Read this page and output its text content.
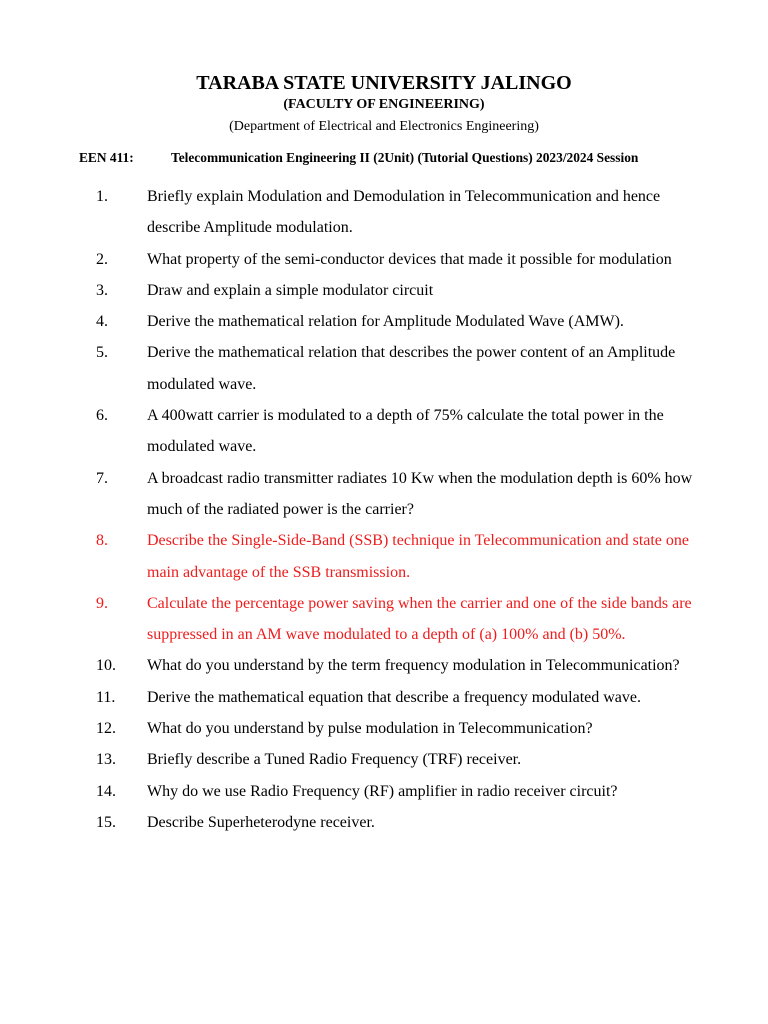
TARABA STATE UNIVERSITY JALINGO
(FACULTY OF ENGINEERING)
(Department of Electrical and Electronics Engineering)
EEN 411:	Telecommunication Engineering II (2Unit) (Tutorial Questions) 2023/2024 Session
1. Briefly explain Modulation and Demodulation in Telecommunication and hence describe Amplitude modulation.
2. What property of the semi-conductor devices that made it possible for modulation
3. Draw and explain a simple modulator circuit
4. Derive the mathematical relation for Amplitude Modulated Wave (AMW).
5. Derive the mathematical relation that describes the power content of an Amplitude modulated wave.
6. A 400watt carrier is modulated to a depth of 75% calculate the total power in the modulated wave.
7. A broadcast radio transmitter radiates 10 Kw when the modulation depth is 60% how much of the radiated power is the carrier?
8. Describe the Single-Side-Band (SSB) technique in Telecommunication and state one main advantage of the SSB transmission.
9. Calculate the percentage power saving when the carrier and one of the side bands are suppressed in an AM wave modulated to a depth of (a) 100% and (b) 50%.
10. What do you understand by the term frequency modulation in Telecommunication?
11. Derive the mathematical equation that describe a frequency modulated wave.
12. What do you understand by pulse modulation in Telecommunication?
13. Briefly describe a Tuned Radio Frequency (TRF) receiver.
14. Why do we use Radio Frequency (RF) amplifier in radio receiver circuit?
15. Describe Superheterodyne receiver.
